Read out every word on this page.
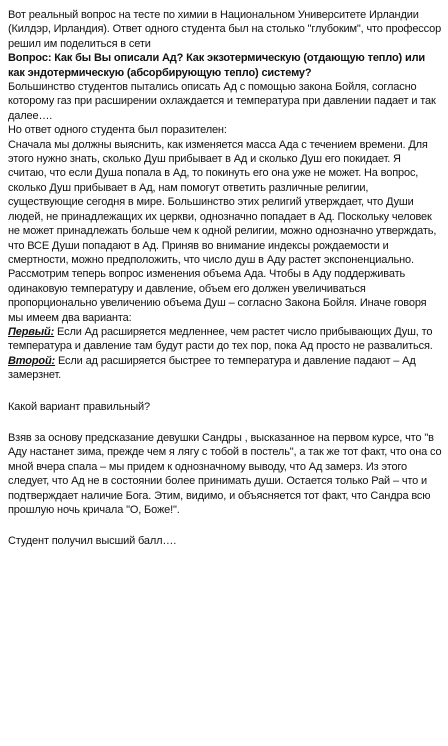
Вот реальный вопрос на тесте по химии в Национальном Университете Ирландии (Килдэр, Ирландия). Ответ одного студента был на столько "глубоким", что профессор решил им поделиться в сети

Вопрос: Как бы Вы описали Ад? Как экзотермическую (отдающую тепло) или как эндотермическую (абсорбирующую тепло) систему?

Большинство студентов пытались описать Ад с помощью закона Бойля, согласно которому газ при расширении охлаждается и температура при давлении падает и так далее….

Но ответ одного студента был поразителен:

Сначала мы должны выяснить, как изменяется масса Ада с течением времени. Для этого нужно знать, сколько Душ прибывает в Ад и сколько Душ его покидает. Я считаю, что если Душа попала в Ад, то покинуть его она уже не может. На вопрос, сколько Душ прибывает в Ад, нам помогут ответить различные религии, существующие сегодня в мире. Большинство этих религий утверждает, что Души людей, не принадлежащих их церкви, однозначно попадает в Ад. Поскольку человек не может принадлежать больше чем к одной религии, можно однозначно утверждать, что ВСЕ Души попадают в Ад. Приняв во внимание индексы рождаемости и смертности, можно предположить, что число душ в Аду растет экспоненциально. Рассмотрим теперь вопрос изменения объема Ада. Чтобы в Аду поддерживать одинаковую температуру и давление, объем его должен увеличиваться пропорционально увеличению объема Душ – согласно Закона Бойля. Иначе говоря мы имеем два варианта:

Первый: Если Ад расширяется медленнее, чем растет число прибывающих Душ, то температура и давление там будут расти до тех пор, пока Ад просто не развалиться.

Второй: Если ад расширяется быстрее то температура и давление падают – Ад замерзнет.

Какой вариант правильный?

Взяв за основу предсказание девушки Сандры , высказанное на первом курсе, что "в Аду настанет зима, прежде чем я лягу с тобой в постель", а так же тот факт, что она со мной вчера спала – мы придем к однозначному выводу, что Ад замерз. Из этого следует, что Ад не в состоянии более принимать души. Остается только Рай – что и подтверждает наличие Бога. Этим, видимо, и объясняется тот факт, что Сандра всю прошлую ночь кричала "О, Боже!".

Студент получил высший балл….
